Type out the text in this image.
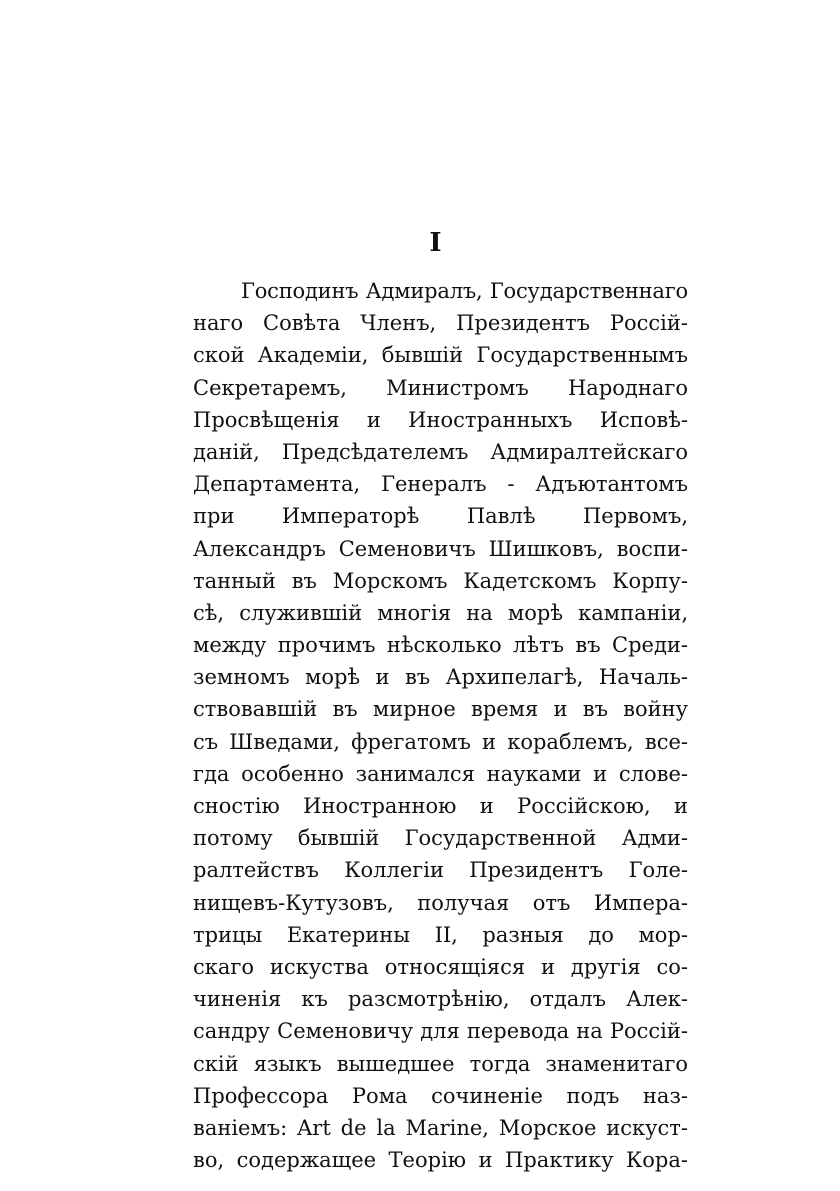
I
Господинъ Адмиралъ, Государственнаго
наго Совѣта Членъ, Президентъ Россій-
ской Академіи, бывшій Государственнымъ
Секретаремъ, Министромъ Народнаго
Просвѣщенія и Иностранныхъ Исповѣ-
даній, Предсѣдателемъ Адмиралтейскаго
Департамента, Генералъ - Адъютантомъ
при Императорѣ Павлѣ Первомъ,
Александръ Семеновичъ Шишковъ, воспи-
танный въ Морскомъ Кадетскомъ Корпу-
сѣ, служившій многія на морѣ кампаніи,
между прочимъ нѣсколько лѣтъ въ Среди-
земномъ морѣ и въ Архипелагѣ, Началь-
ствовавшій въ мирное время и въ войну
съ Шведами, фрегатомъ и кораблемъ, все-
гда особенно занимался науками и слове-
сностію Иностранною и Россійскою, и
потому бывшій Государственной Адми-
ралтействъ Коллегіи Президентъ Голе-
нищевъ-Кутузовъ, получая отъ Импера-
трицы Екатерины II, разныя до мор-
скаго искуства относящіяся и другія со-
чиненія къ разсмотрѣнію, отдалъ Алек-
сандру Семеновичу для перевода на Россій-
скій языкъ вышедшее тогда знаменитаго
Профессора Рома сочиненіе подъ наз-
ваніемъ: Art de la Marine, Морское искуст-
во, содержащее Теорію и Практику Кора-
